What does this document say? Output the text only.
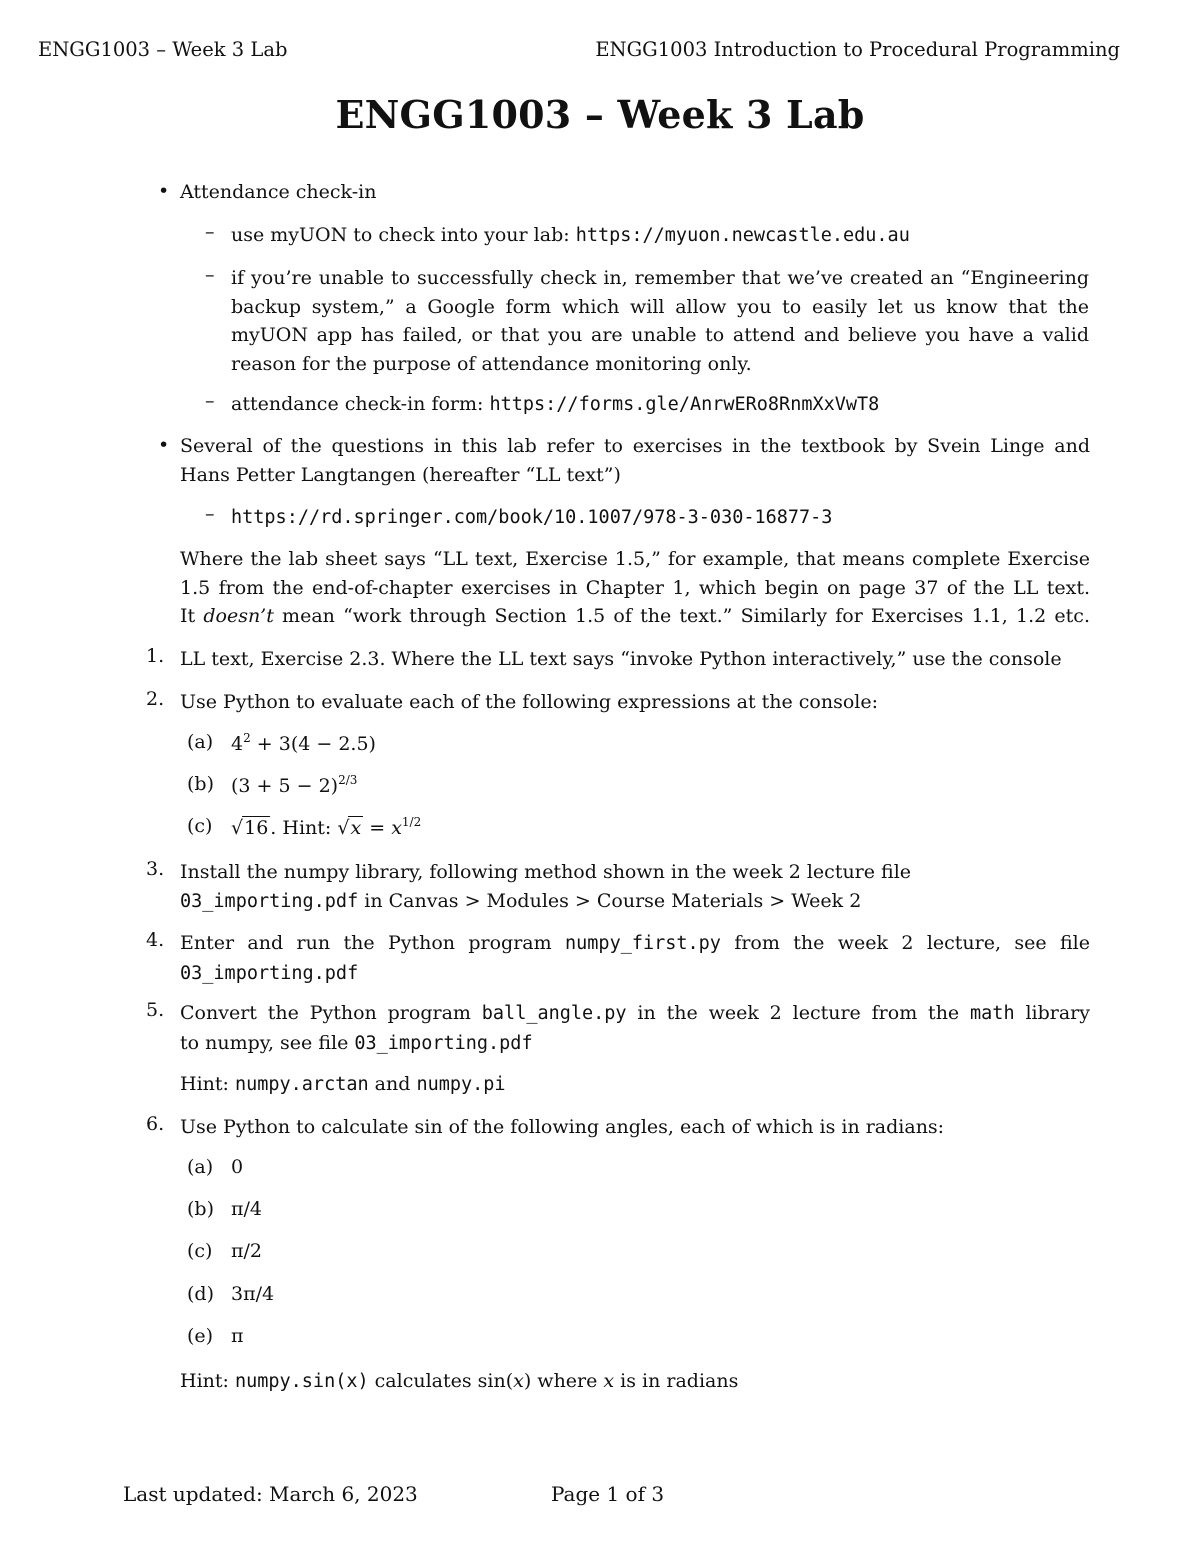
ENGG1003 – Week 3 Lab	ENGG1003 Introduction to Procedural Programming
ENGG1003 – Week 3 Lab
• Attendance check-in
– use myUON to check into your lab: https://myuon.newcastle.edu.au
– if you’re unable to successfully check in, remember that we’ve created an “Engineering
backup system,” a Google form which will allow you to easily let us know that the
myUON app has failed, or that you are unable to attend and believe you have a valid
reason for the purpose of attendance monitoring only.
– attendance check-in form: https://forms.gle/AnrwERo8RnmXxVwT8
• Several of the questions in this lab refer to exercises in the textbook by Svein Linge and
Hans Petter Langtangen (hereafter “LL text”)
– https://rd.springer.com/book/10.1007/978-3-030-16877-3
Where the lab sheet says “LL text, Exercise 1.5,” for example, that means complete Exercise
1.5 from the end-of-chapter exercises in Chapter 1, which begin on page 37 of the LL text.
It doesn’t mean “work through Section 1.5 of the text.” Similarly for Exercises 1.1, 1.2 etc.
1. LL text, Exercise 2.3. Where the LL text says “invoke Python interactively,” use the console
2. Use Python to evaluate each of the following expressions at the console:
(a) $4^2 + 3(4 - 2.5)$
(b) $(3 + 5 - 2)^{2/3}$
(c) √16 . Hint: $√x = x^{1/2}$
3. Install the numpy library, following method shown in the week 2 lecture file
03_importing.pdf in Canvas > Modules > Course Materials > Week 2
4. Enter and run the Python program numpy_first.py from the week 2 lecture, see file
03_importing.pdf
5. Convert the Python program ball_angle.py in the week 2 lecture from the math library
to numpy, see file 03_importing.pdf
Hint: numpy.arctan and numpy.pi
6. Use Python to calculate sin of the following angles, each of which is in radians:
(a) 0
(b) π/4
(c) π/2
(d) 3π/4
(e) π
Hint: numpy.sin(x) calculates sin(x) where x is in radians
Last updated: March 6, 2023	Page 1 of 3
